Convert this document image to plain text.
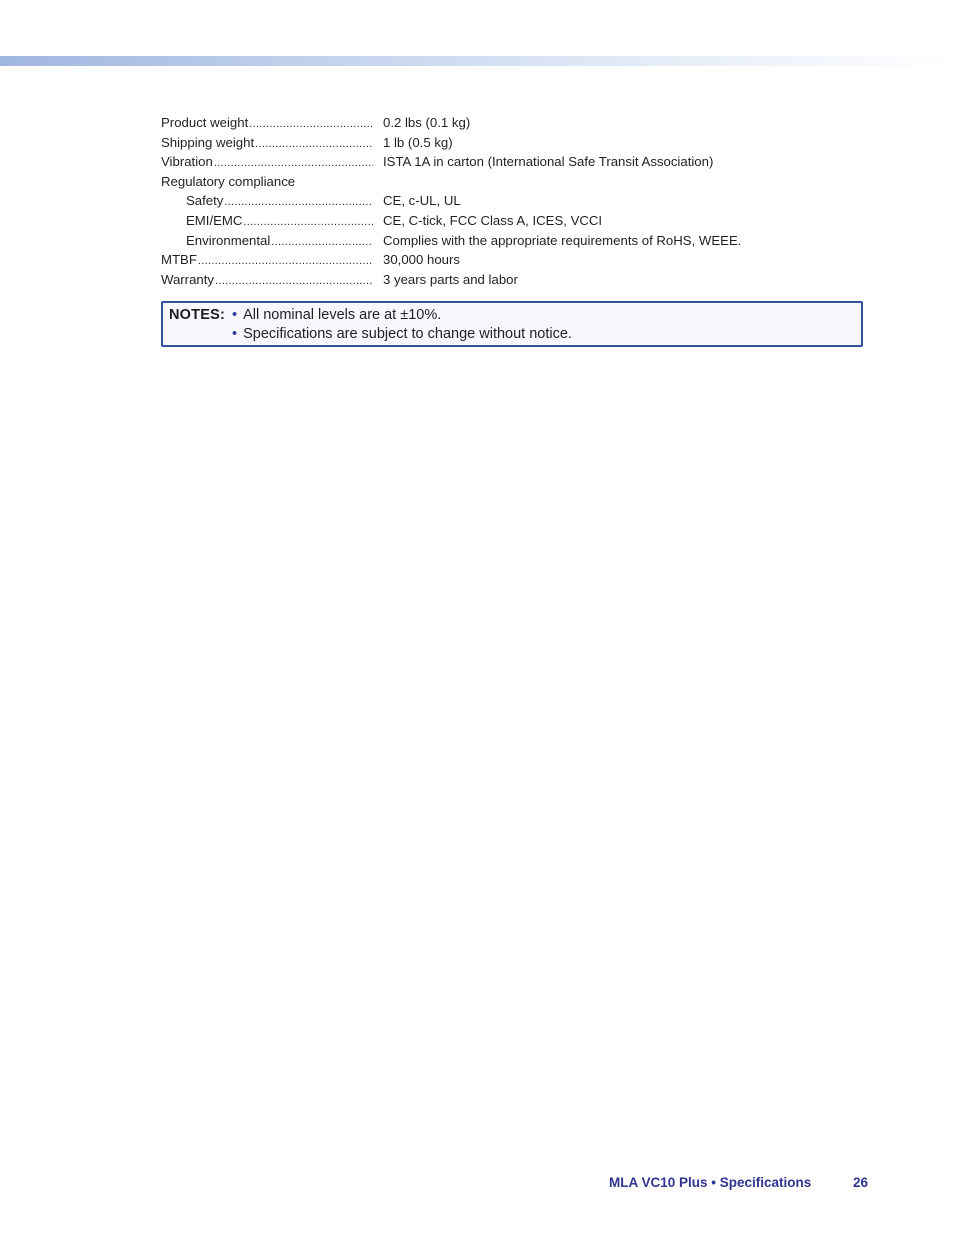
Product weight .....	0.2 lbs (0.1 kg)
Shipping weight .....	1 lb (0.5 kg)
Vibration .....	ISTA 1A in carton (International Safe Transit Association)
Regulatory compliance
Safety .....	CE, c-UL, UL
EMI/EMC .....	CE, C-tick, FCC Class A, ICES, VCCI
Environmental .....	Complies with the appropriate requirements of RoHS, WEEE.
MTBF .....	30,000 hours
Warranty .....	3 years parts and labor
NOTES: • All nominal levels are at ±10%.
• Specifications are subject to change without notice.
MLA VC10 Plus • Specifications	26
